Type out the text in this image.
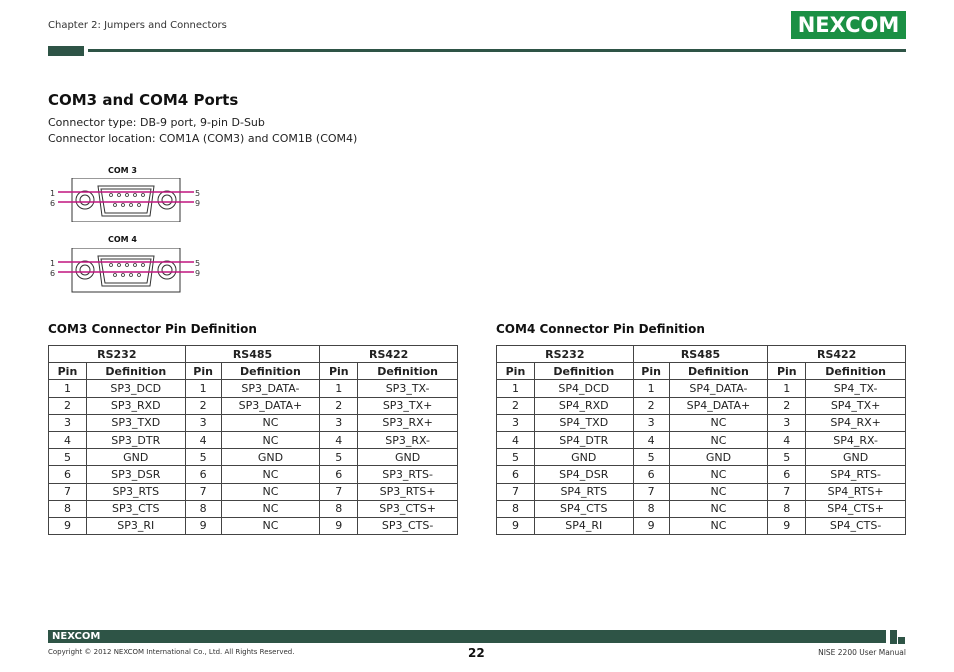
Chapter 2: Jumpers and Connectors	NEXCOM
COM3 and COM4 Ports
Connector type: DB-9 port, 9-pin D-Sub
Connector location: COM1A (COM3) and COM1B (COM4)
COM 3
1
6
5
9
COM 4
1
6
5
9
COM3 Connector Pin Definition
RS232		RS485		RS422	
Pin	Definition	Pin	Definition	Pin	Definition
1	SP3_DCD	1	SP3_DATA-	1	SP3_TX-
2	SP3_RXD	2	SP3_DATA+	2	SP3_TX+
3	SP3_TXD	3	NC	3	SP3_RX+
4	SP3_DTR	4	NC	4	SP3_RX-
5	GND	5	GND	5	GND
6	SP3_DSR	6	NC	6	SP3_RTS-
7	SP3_RTS	7	NC	7	SP3_RTS+
8	SP3_CTS	8	NC	8	SP3_CTS+
9	SP3_RI	9	NC	9	SP3_CTS-
COM4 Connector Pin Definition
RS232		RS485		RS422	
Pin	Definition	Pin	Definition	Pin	Definition
1	SP4_DCD	1	SP4_DATA-	1	SP4_TX-
2	SP4_RXD	2	SP4_DATA+	2	SP4_TX+
3	SP4_TXD	3	NC	3	SP4_RX+
4	SP4_DTR	4	NC	4	SP4_RX-
5	GND	5	GND	5	GND
6	SP4_DSR	6	NC	6	SP4_RTS-
7	SP4_RTS	7	NC	7	SP4_RTS+
8	SP4_CTS	8	NC	8	SP4_CTS+
9	SP4_RI	9	NC	9	SP4_CTS-
NEXCOM
Copyright © 2012 NEXCOM International Co., Ltd. All Rights Reserved.	22	NISE 2200 User Manual
